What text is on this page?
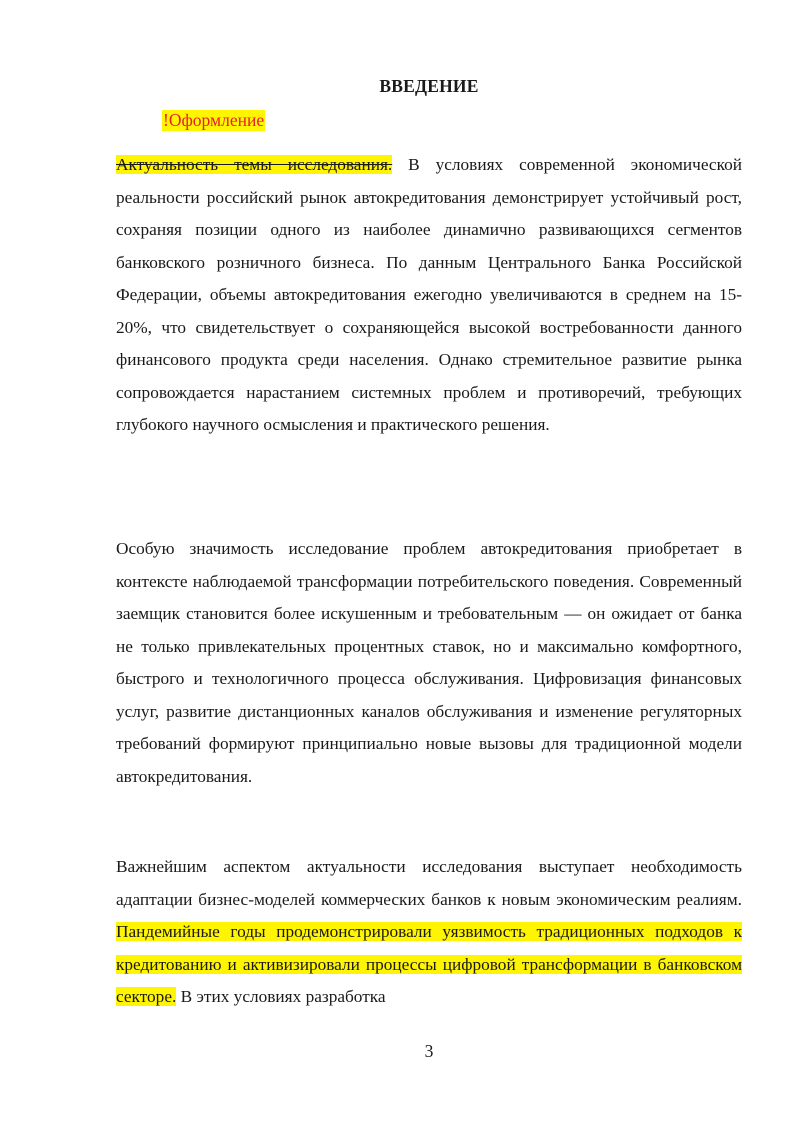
ВВЕДЕНИЕ
!Оформление

Актуальность темы исследования. В условиях современной экономической реальности российский рынок автокредитования демонстрирует устойчивый рост, сохраняя позиции одного из наиболее динамично развивающихся сегментов банковского розничного бизнеса. По данным Центрального Банка Российской Федерации, объемы автокредитования ежегодно увеличиваются в среднем на 15-20%, что свидетельствует о сохраняющейся высокой востребованности данного финансового продукта среди населения. Однако стремительное развитие рынка сопровождается нарастанием системных проблем и противоречий, требующих глубокого научного осмысления и практического решения.

Особую значимость исследование проблем автокредитования приобретает в контексте наблюдаемой трансформации потребительского поведения. Современный заемщик становится более искушенным и требовательным — он ожидает от банка не только привлекательных процентных ставок, но и максимально комфортного, быстрого и технологичного процесса обслуживания. Цифровизация финансовых услуг, развитие дистанционных каналов обслуживания и изменение регуляторных требований формируют принципиально новые вызовы для традиционной модели автокредитования.

Важнейшим аспектом актуальности исследования выступает необходимость адаптации бизнес-моделей коммерческих банков к новым экономическим реалиям. Пандемийные годы продемонстрировали уязвимость традиционных подходов к кредитованию и активизировали процессы цифровой трансформации в банковском секторе. В этих условиях разработка

3
